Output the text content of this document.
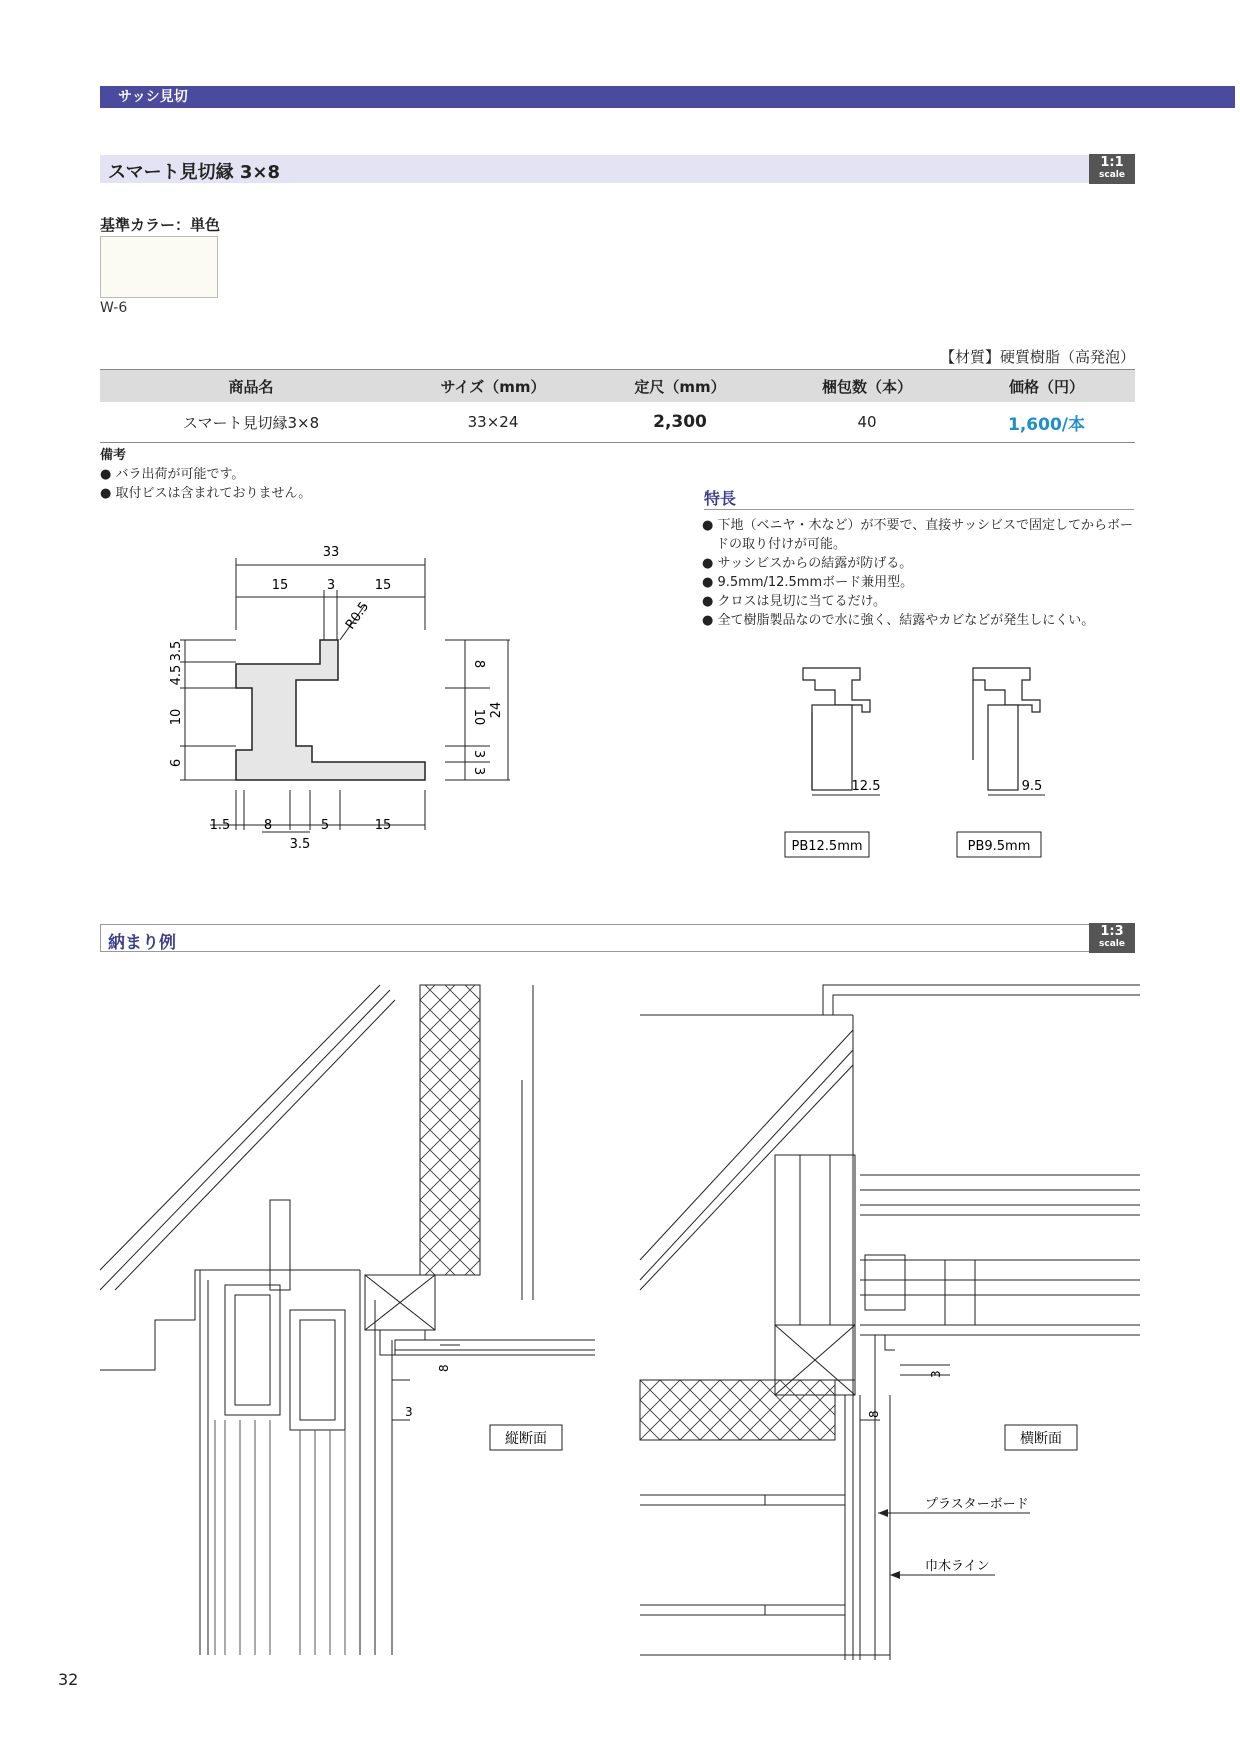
サッシ見切
スマート見切縁 3×8	1:1
scale
基準カラー：単色
W-6
【材質】硬質樹脂（高発泡）
商品名	サイズ（mm）	定尺（mm）	梱包数（本）	価格（円）
スマート見切縁3×8	33×24	2,300	40	1,600/本
備考
● バラ出荷が可能です。
● 取付ビスは含まれておりません。	特長
● 下地（ベニヤ・木など）が不要で、直接サッシビスで固定してからボードの取り付けが可能。
● サッシビスからの結露が防げる。
● 9.5mm/12.5mmボード兼用型。
● クロスは見切に当てるだけ。
● 全て樹脂製品なので水に強く、結露やカビなどが発生しにくい。
33
15	3	15
R0.5
3.5
4.5
10
6
8
10
3
3
24
1.5	8	5	15
3.5
12.5	9.5
PB12.5mm	PB9.5mm
納まり例
1:3
scale
8
3
縦断面
3
8
横断面
プラスターボード
巾木ライン
32
